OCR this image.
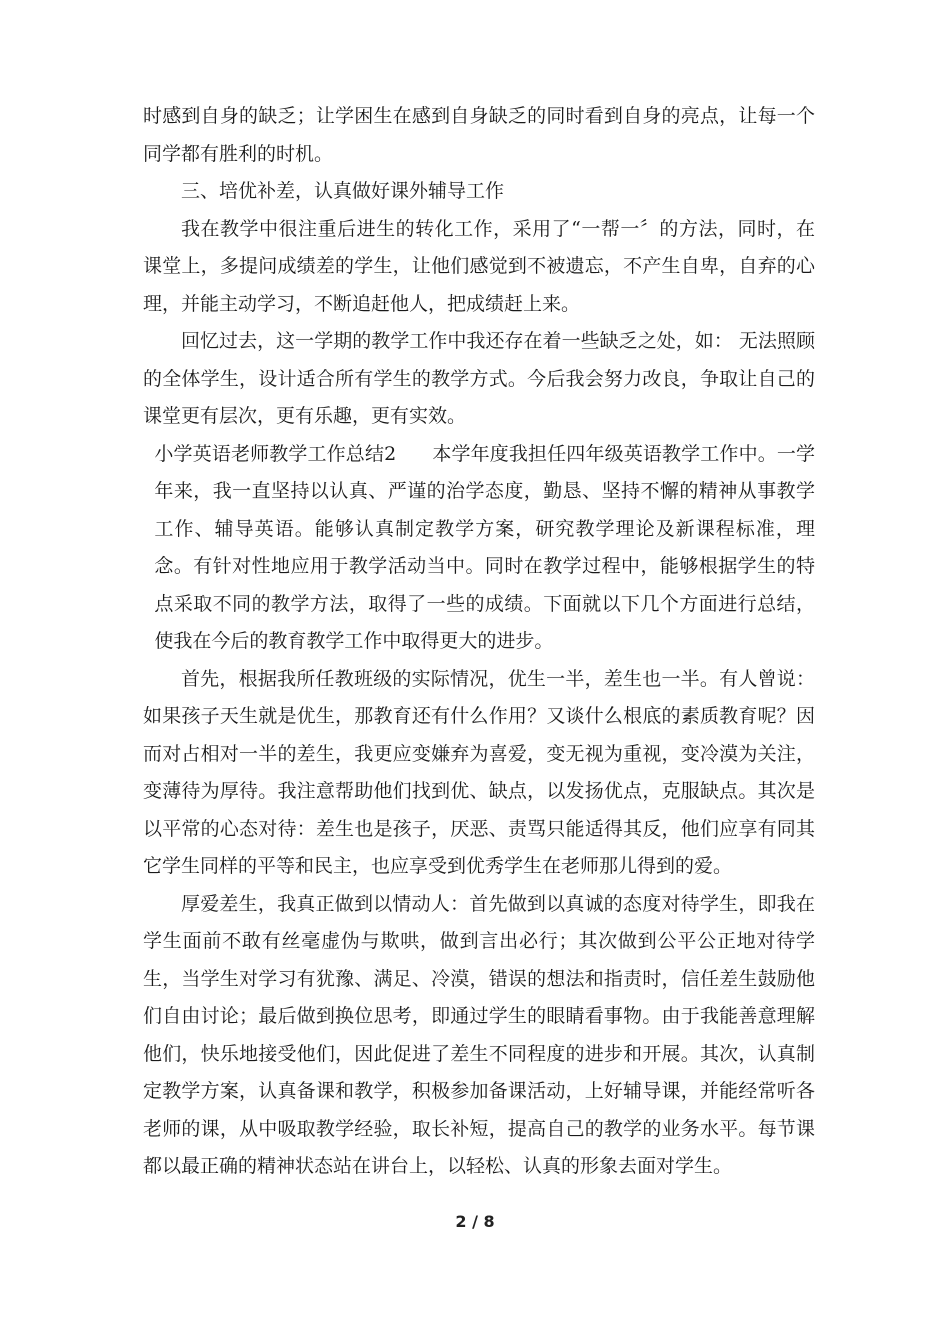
时感到自身的缺乏；让学困生在感到自身缺乏的同时看到自身的亮点，让每一个同学都有胜利的时机。

三、培优补差，认真做好课外辅导工作

我在教学中很注重后进生的转化工作，采用了“一帮一〞的方法，同时，在课堂上，多提问成绩差的学生，让他们感觉到不被遗忘，不产生自卑，自弃的心理，并能主动学习，不断追赶他人，把成绩赶上来。

回忆过去，这一学期的教学工作中我还存在着一些缺乏之处，如： 无法照顾的全体学生，设计适合所有学生的教学方式。今后我会努力改良，争取让自己的课堂更有层次，更有乐趣，更有实效。

小学英语老师教学工作总结2 本学年度我担任四年级英语教学工作中。一学年来，我一直坚持以认真、严谨的治学态度，勤恳、坚持不懈的精神从事教学工作、辅导英语。能够认真制定教学方案，研究教学理论及新课程标准，理念。有针对性地应用于教学活动当中。同时在教学过程中，能够根据学生的特点采取不同的教学方法，取得了一些的成绩。下面就以下几个方面进行总结，使我在今后的教育教学工作中取得更大的进步。

首先，根据我所任教班级的实际情况，优生一半，差生也一半。有人曾说：如果孩子天生就是优生，那教育还有什么作用？又谈什么根底的素质教育呢？因而对占相对一半的差生，我更应变嫌弃为喜爱，变无视为重视，变冷漠为关注，变薄待为厚待。我注意帮助他们找到优、缺点，以发扬优点，克服缺点。其次是以平常的心态对待：差生也是孩子，厌恶、责骂只能适得其反，他们应享有同其它学生同样的平等和民主，也应享受到优秀学生在老师那儿得到的爱。

厚爱差生，我真正做到以情动人：首先做到以真诚的态度对待学生，即我在学生面前不敢有丝毫虚伪与欺哄，做到言出必行；其次做到公平公正地对待学生，当学生对学习有犹豫、满足、冷漠，错误的想法和指责时，信任差生鼓励他们自由讨论；最后做到换位思考，即通过学生的眼睛看事物。由于我能善意理解他们，快乐地接受他们，因此促进了差生不同程度的进步和开展。其次，认真制定教学方案，认真备课和教学，积极参加备课活动，上好辅导课，并能经常听各老师的课，从中吸取教学经验，取长补短，提高自己的教学的业务水平。每节课都以最正确的精神状态站在讲台上，以轻松、认真的形象去面对学生。

2 / 8
